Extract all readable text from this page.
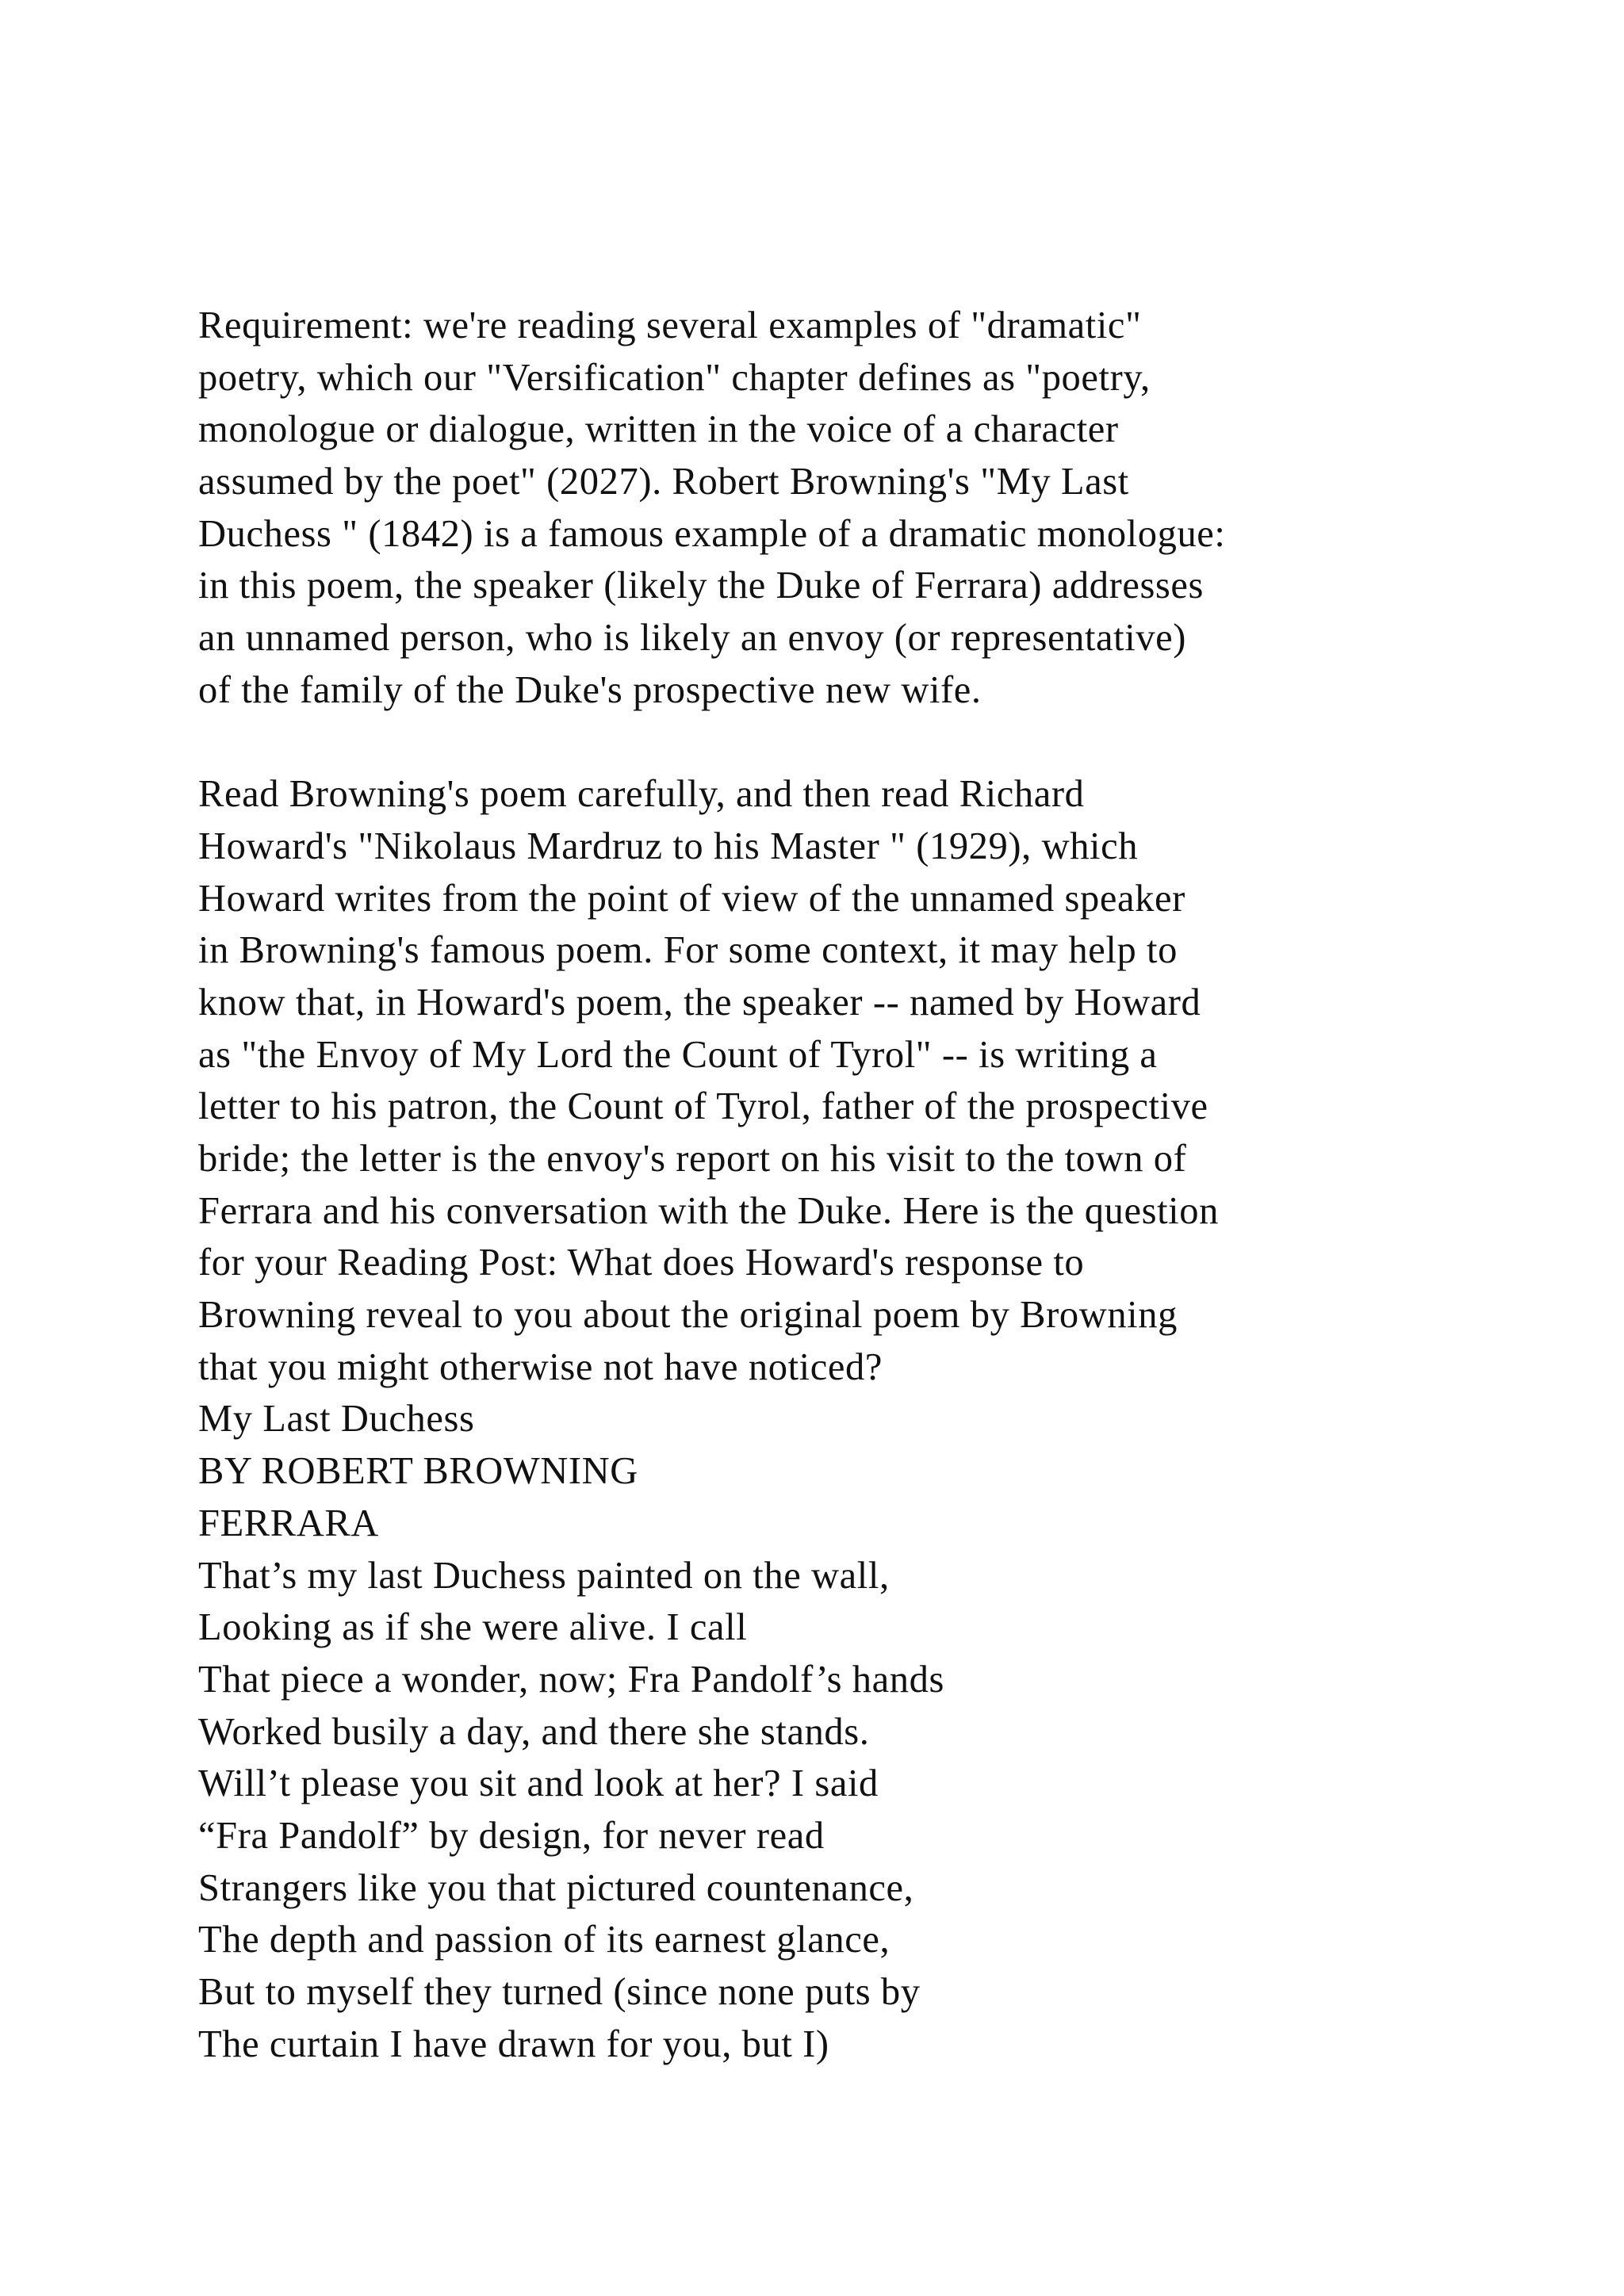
Requirement: we're reading several examples of "dramatic"
poetry, which our "Versification" chapter defines as "poetry,
monologue or dialogue, written in the voice of a character
assumed by the poet" (2027). Robert Browning's "My Last
Duchess " (1842) is a famous example of a dramatic monologue:
in this poem, the speaker (likely the Duke of Ferrara) addresses
an unnamed person, who is likely an envoy (or representative)
of the family of the Duke's prospective new wife.
Read Browning's poem carefully, and then read Richard
Howard's "Nikolaus Mardruz to his Master " (1929), which
Howard writes from the point of view of the unnamed speaker
in Browning's famous poem. For some context, it may help to
know that, in Howard's poem, the speaker -- named by Howard
as "the Envoy of My Lord the Count of Tyrol" -- is writing a
letter to his patron, the Count of Tyrol, father of the prospective
bride; the letter is the envoy's report on his visit to the town of
Ferrara and his conversation with the Duke. Here is the question
for your Reading Post: What does Howard's response to
Browning reveal to you about the original poem by Browning
that you might otherwise not have noticed?
My Last Duchess
BY ROBERT BROWNING
FERRARA
That’s my last Duchess painted on the wall,
Looking as if she were alive. I call
That piece a wonder, now; Fra Pandolf’s hands
Worked busily a day, and there she stands.
Will’t please you sit and look at her? I said
“Fra Pandolf” by design, for never read
Strangers like you that pictured countenance,
The depth and passion of its earnest glance,
But to myself they turned (since none puts by
The curtain I have drawn for you, but I)
